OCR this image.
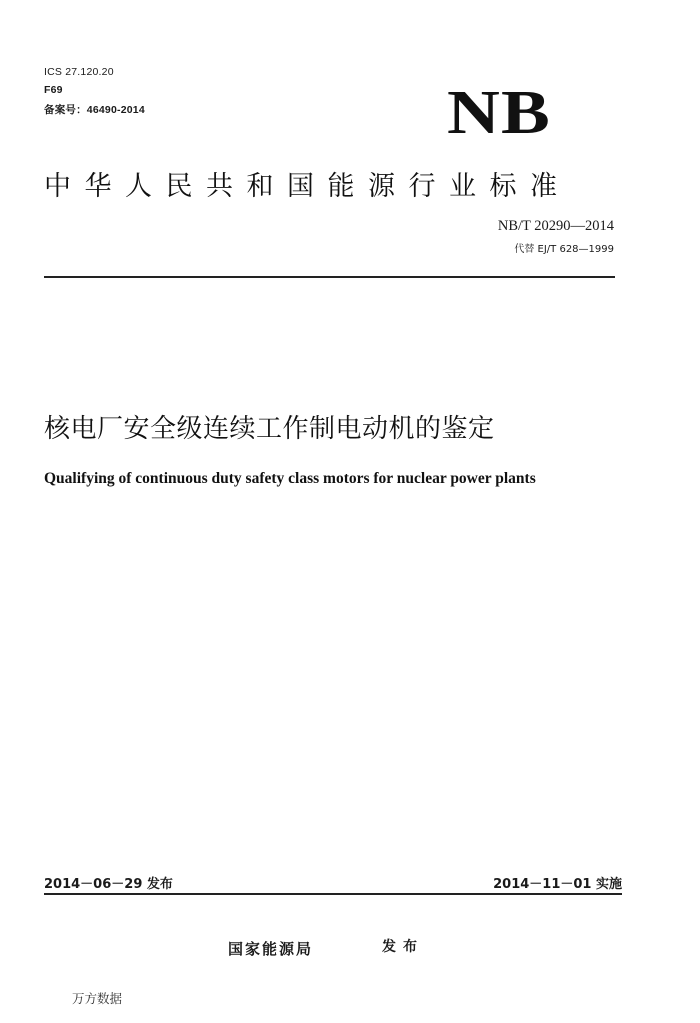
ICS 27.120.20
F69
备案号：46490-2014	NB
中华人民共和国能源行业标准
NB/T 20290—2014
代替 EJ/T 628—1999
核电厂安全级连续工作制电动机的鉴定
Qualifying of continuous duty safety class motors for nuclear power plants
2014－06－29 发布	2014－11－01 实施
国家能源局	发布
万方数据
